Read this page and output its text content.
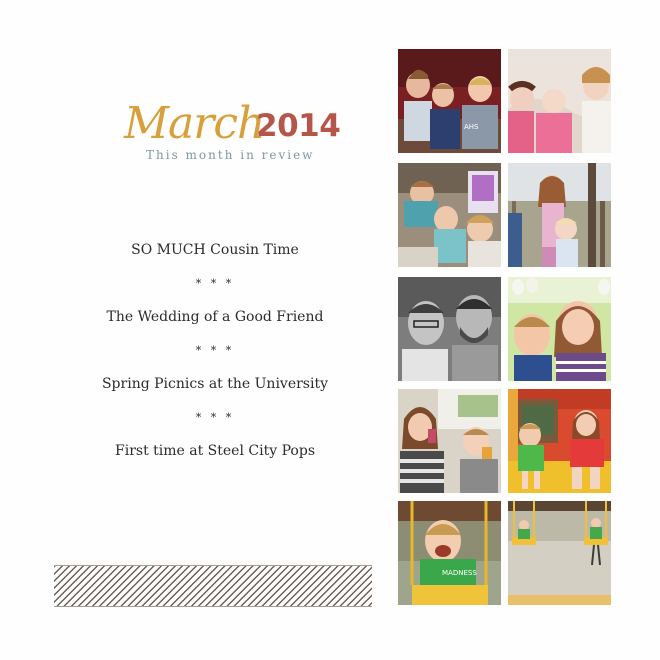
March
2014
This month in review
SO MUCH Cousin Time
* * *
The Wedding of a Good Friend
* * *
Spring Picnics at the University
* * *
First time at Steel City Pops
AHS
MADNESS
